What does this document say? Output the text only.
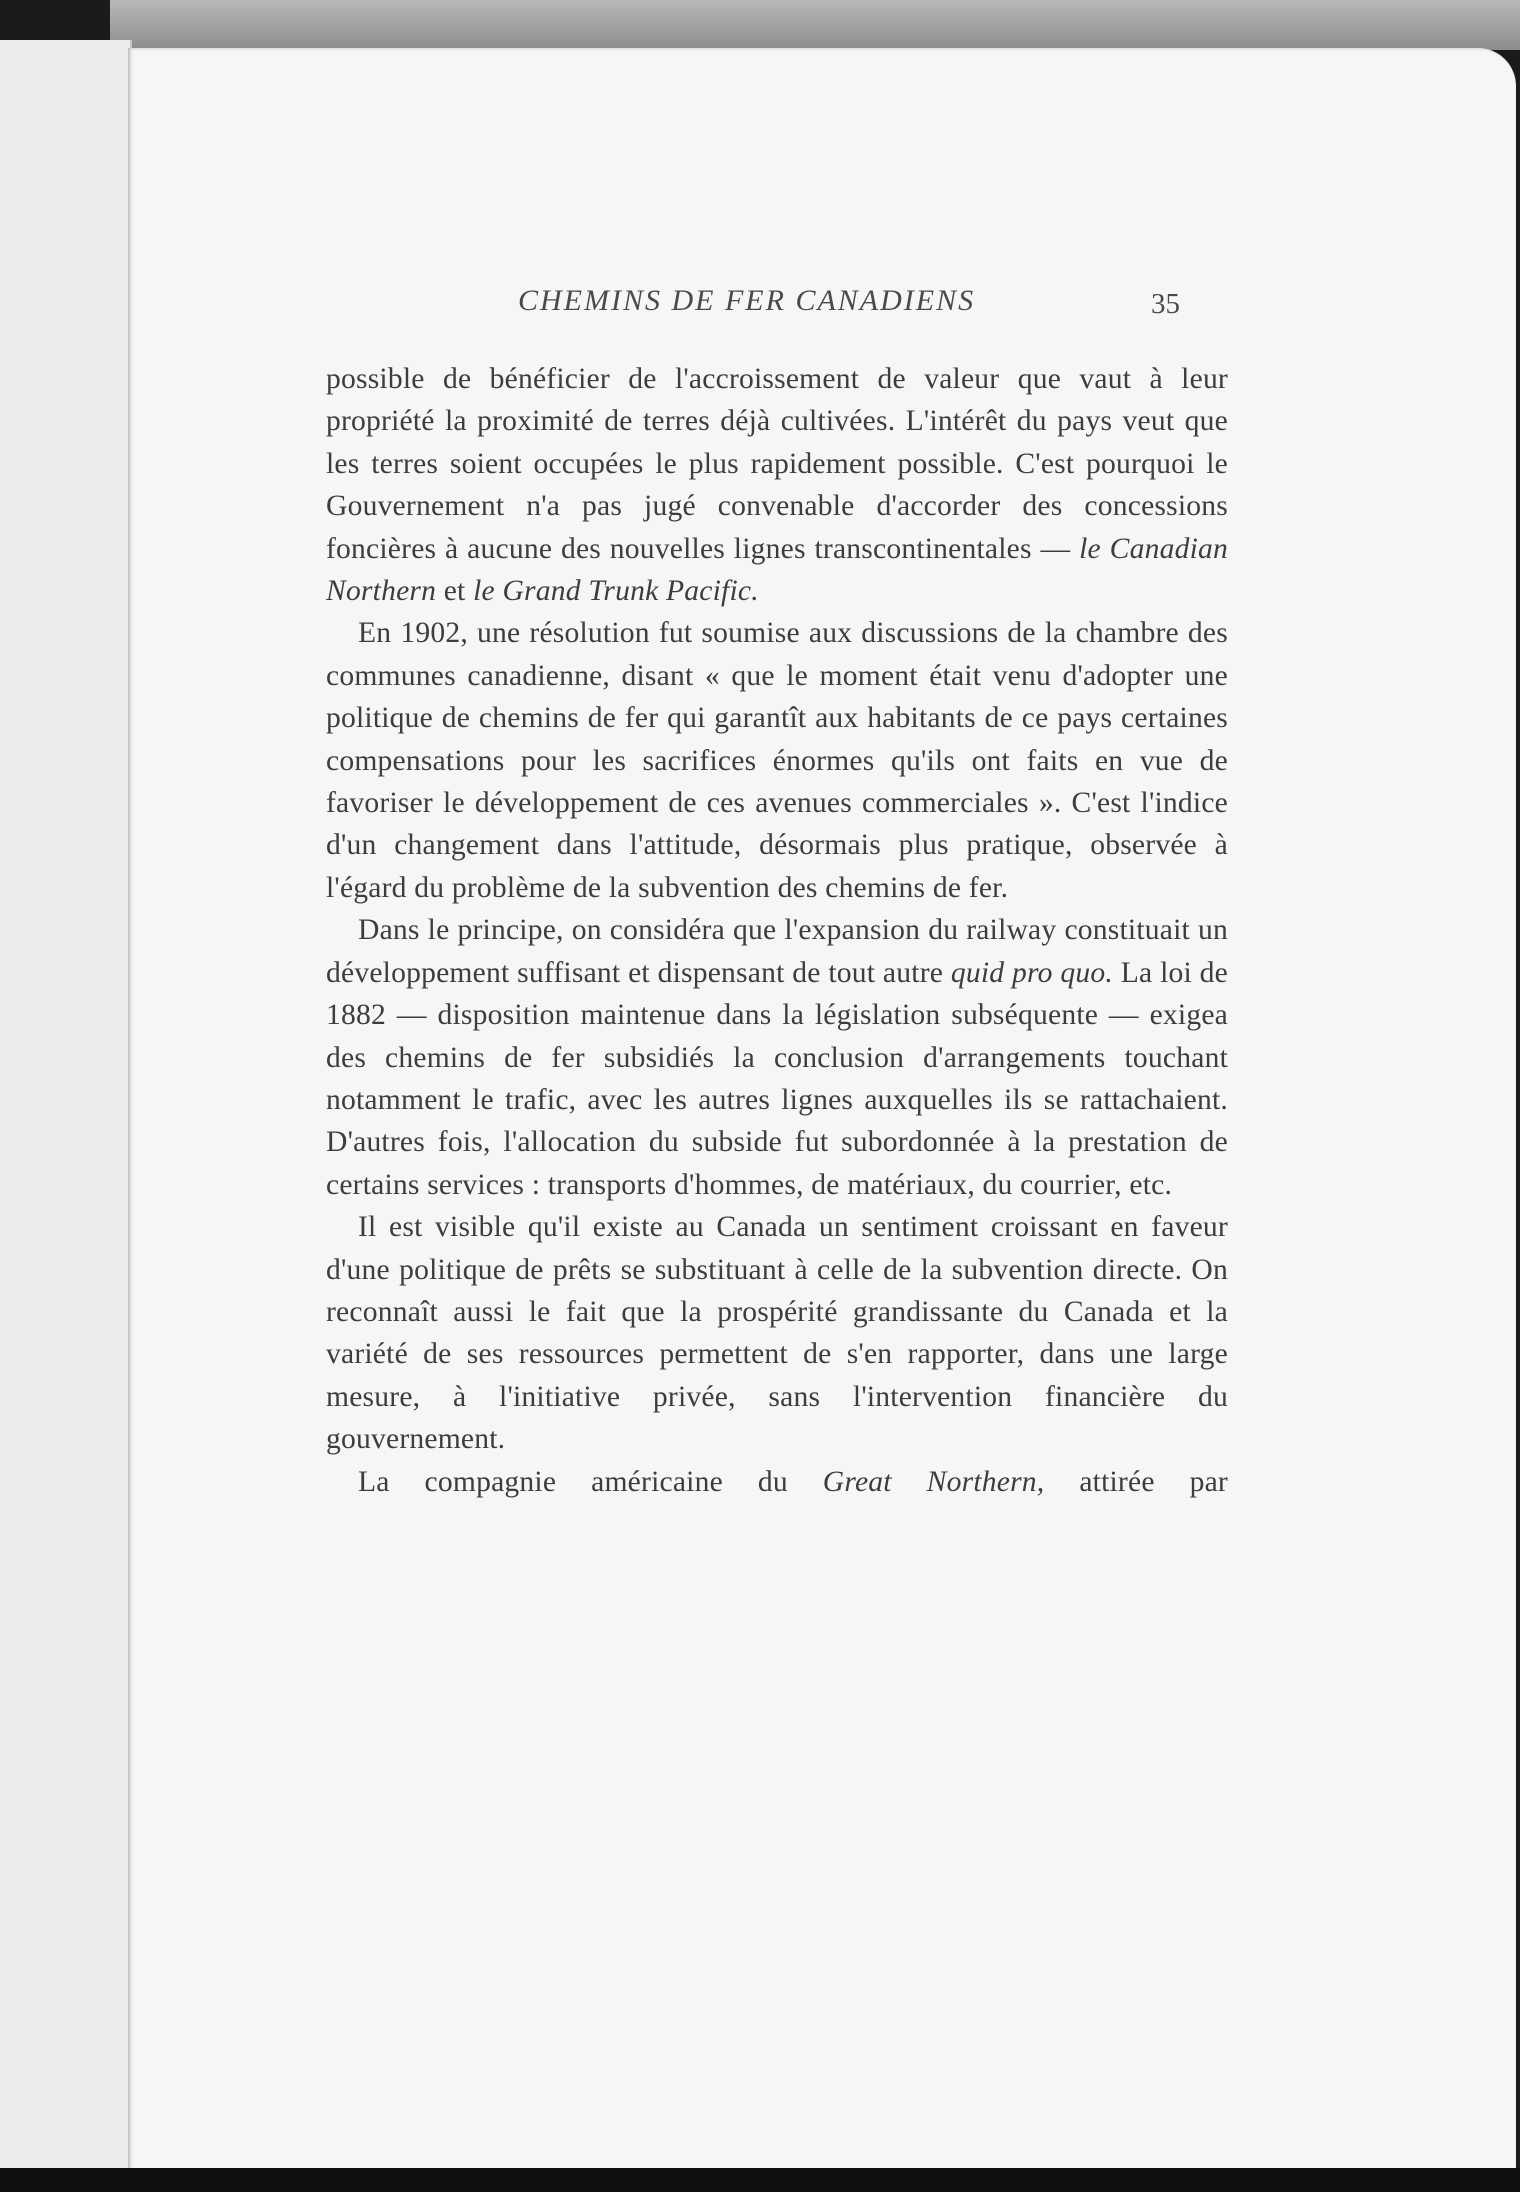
CHEMINS DE FER CANADIENS	35

possible de bénéficier de l'accroissement de valeur que vaut à leur propriété la proximité de terres déjà cultivées. L'intérêt du pays veut que les terres soient occupées le plus rapidement possible. C'est pourquoi le Gouvernement n'a pas jugé convenable d'accorder des concessions foncières à aucune des nouvelles lignes transcontinentales — le Canadian Northern et le Grand Trunk Pacific.

En 1902, une résolution fut soumise aux discussions de la chambre des communes canadienne, disant « que le moment était venu d'adopter une politique de chemins de fer qui garantît aux habitants de ce pays certaines compensations pour les sacrifices énormes qu'ils ont faits en vue de favoriser le développement de ces avenues commerciales ». C'est l'indice d'un changement dans l'attitude, désormais plus pratique, observée à l'égard du problème de la subvention des chemins de fer.

Dans le principe, on considéra que l'expansion du railway constituait un développement suffisant et dispensant de tout autre quid pro quo. La loi de 1882 — disposition maintenue dans la législation subséquente — exigea des chemins de fer subsidiés la conclusion d'arrangements touchant notamment le trafic, avec les autres lignes auxquelles ils se rattachaient. D'autres fois, l'allocation du subside fut subordonnée à la prestation de certains services : transports d'hommes, de matériaux, du courrier, etc.

Il est visible qu'il existe au Canada un sentiment croissant en faveur d'une politique de prêts se substituant à celle de la subvention directe. On reconnaît aussi le fait que la prospérité grandissante du Canada et la variété de ses ressources permettent de s'en rapporter, dans une large mesure, à l'initiative privée, sans l'intervention financière du gouvernement.

La compagnie américaine du Great Northern, attirée par
